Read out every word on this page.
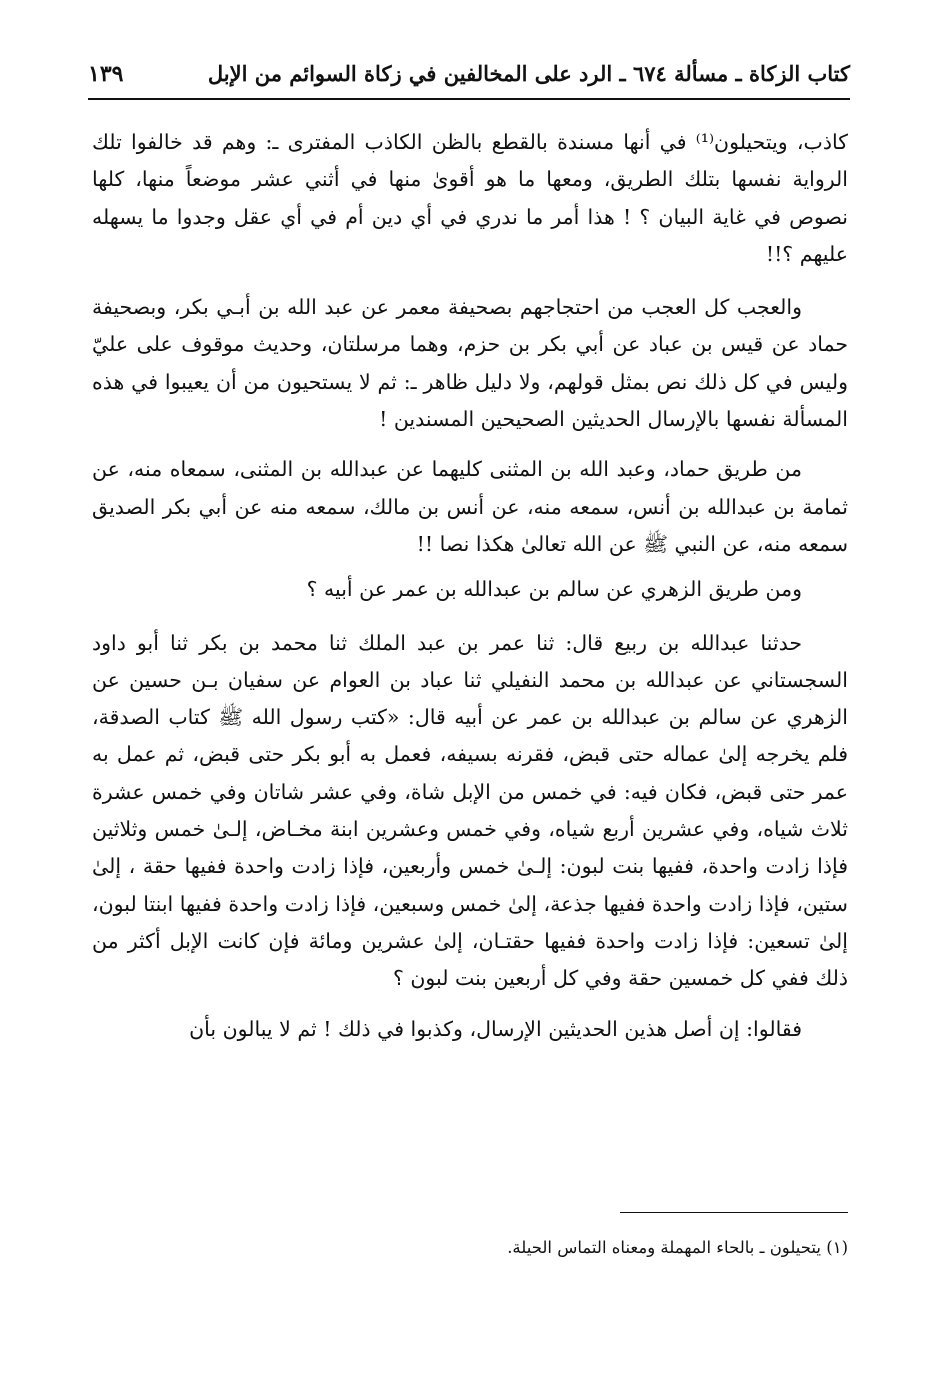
كتاب الزكاة ـ مسألة ٦٧٤ ـ الرد على المخالفين في زكاة السوائم من الإبل
١٣٩

كاذب، ويتحيلون⁽¹⁾ في أنها مسندة بالقطع بالظن الكاذب المفترى ـ: وهم قد خالفوا تلك الرواية نفسها بتلك الطريق، ومعها ما هو أقوىٰ منها في أثني عشر موضعاً منها، كلها نصوص في غاية البيان ؟ ! هذا أمر ما ندري في أي دين أم في أي عقل وجدوا ما يسهله عليهم ؟!!

والعجب كل العجب من احتجاجهم بصحيفة معمر عن عبد الله بن أبـي بكر، وبصحيفة حماد عن قيس بن عباد عن أبي بكر بن حزم، وهما مرسلتان، وحديث موقوف على عليّ وليس في كل ذلك نص بمثل قولهم، ولا دليل ظاهر ـ: ثم لا يستحيون من أن يعيبوا في هذه المسألة نفسها بالإرسال الحديثين الصحيحين المسندين !

من طريق حماد، وعبد الله بن المثنى كليهما عن عبدالله بن المثنى، سمعاه منه، عن ثمامة بن عبدالله بن أنس، سمعه منه، عن أنس بن مالك، سمعه منه عن أبي بكر الصديق سمعه منه، عن النبي ﷺ عن الله تعالىٰ هكذا نصا !!

ومن طريق الزهري عن سالم بن عبدالله بن عمر عن أبيه ؟

حدثنا عبدالله بن ربيع قال: ثنا عمر بن عبد الملك ثنا محمد بن بكر ثنا أبو داود السجستاني عن عبدالله بن محمد النفيلي ثنا عباد بن العوام عن سفيان بـن حسين عن الزهري عن سالم بن عبدالله بن عمر عن أبيه قال: «كتب رسول الله ﷺ كتاب الصدقة، فلم يخرجه إلىٰ عماله حتى قبض، فقرنه بسيفه، فعمل به أبو بكر حتى قبض، ثم عمل به عمر حتى قبض، فكان فيه: في خمس من الإبل شاة، وفي عشر شاتان وفي خمس عشرة ثلاث شياه، وفي عشرين أربع شياه، وفي خمس وعشرين ابنة مخـاض، إلـىٰ خمس وثلاثين فإذا زادت واحدة، ففيها بنت لبون: إلـىٰ خمس وأربعين، فإذا زادت واحدة ففيها حقة ، إلىٰ ستين، فإذا زادت واحدة ففيها جذعة، إلىٰ خمس وسبعين، فإذا زادت واحدة ففيها ابنتا لبون، إلىٰ تسعين: فإذا زادت واحدة ففيها حقتـان، إلىٰ عشرين ومائة فإن كانت الإبل أكثر من ذلك ففي كل خمسين حقة وفي كل أربعين بنت لبون ؟

فقالوا: إن أصل هذين الحديثين الإرسال، وكذبوا في ذلك ! ثم لا يبالون بأن

(١) يتحيلون ـ بالحاء المهملة ومعناه التماس الحيلة.
